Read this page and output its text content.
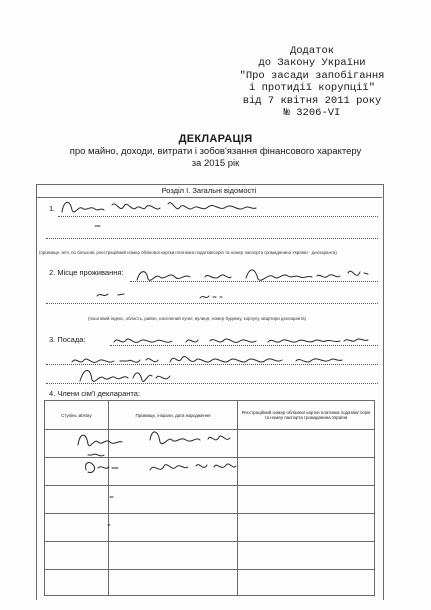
Додаток
до Закону України
"Про засади запобігання
і протидії корупції"
від 7 квітня 2011 року
№ 3206-VI
ДЕКЛАРАЦІЯ
про майно, доходи, витрати і зобов'язання фінансового характеру
за 2015 рік
Розділ І. Загальні відомості
1.
(прізвище, ім'я, по батькові, реєстраційний номер облікової картки платника податків/серія та номер паспорта громадянина України - декларанта)
2. Місце проживання:
(поштовий індекс, область, район, населений пункт, вулиця, номер будинку, корпусу, квартири декларанта)
3. Посада:
4. Члени сім'ї декларанта:
Ступінь зв'язку	Прізвище, ініціали, дата народження	Реєстраційний номер облікової картки платника податків/ серія та номер паспорта громадянина України
